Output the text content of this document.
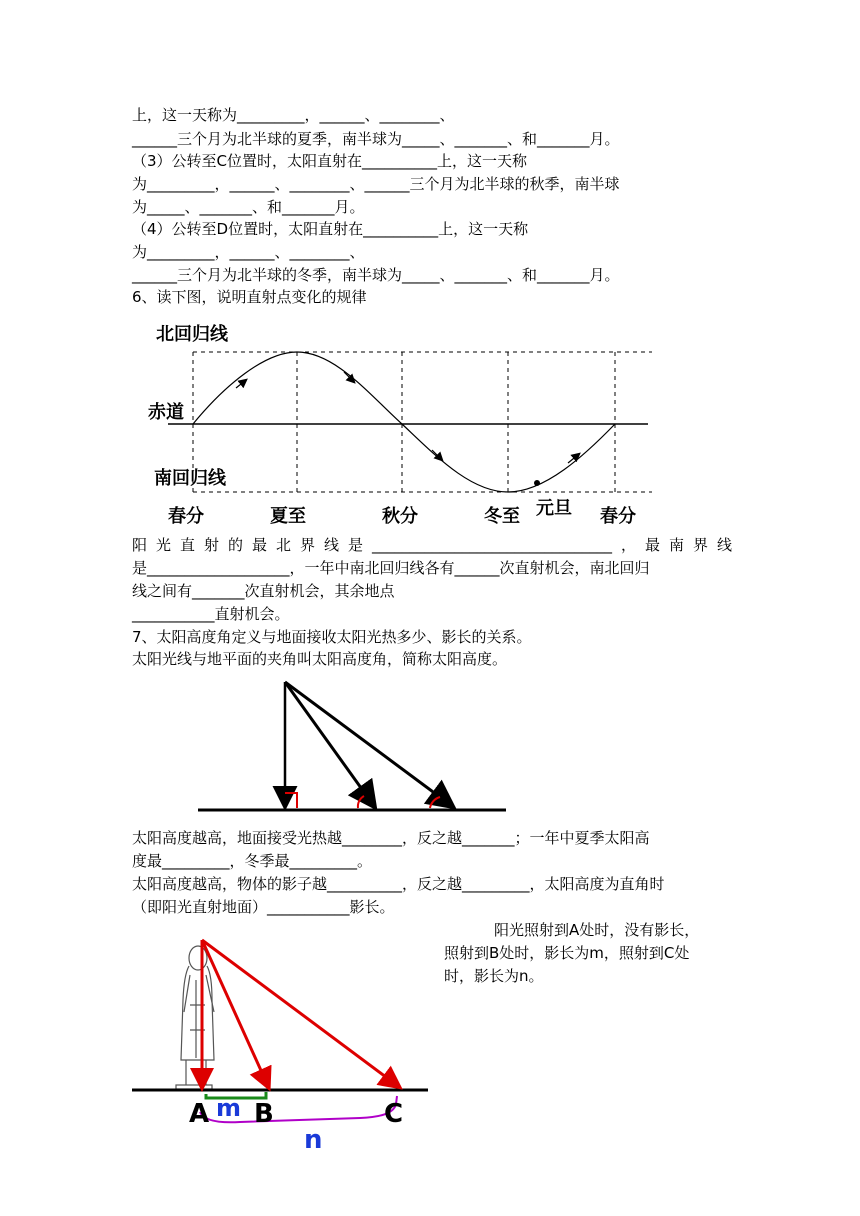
上，这一天称为_________，______、________、
______三个月为北半球的夏季，南半球为_____、_______、和_______月。
（3）公转至C位置时，太阳直射在__________上，这一天称
为_________，______、________、______三个月为北半球的秋季，南半球
为_____、_______、和_______月。
（4）公转至D位置时，太阳直射在__________上，这一天称
为_________，______、________、
______三个月为北半球的冬季，南半球为_____、_______、和_______月。
6、读下图，说明直射点变化的规律
北回归线
赤道
南回归线
元旦
春分	夏至	秋分	冬至	春分
阳光直射的最北界线是________________________________，最南界线
是___________________，一年中南北回归线各有______次直射机会，南北回归
线之间有_______次直射机会，其余地点
___________直射机会。
7、太阳高度角定义与地面接收太阳光热多少、影长的关系。
太阳光线与地平面的夹角叫太阳高度角，简称太阳高度。
太阳高度越高，地面接受光热越________，反之越_______；一年中夏季太阳高
度最_________，冬季最_________。
太阳高度越高，物体的影子越__________，反之越_________，太阳高度为直角时
（即阳光直射地面）___________影长。
阳光照射到A处时，没有影长，
照射到B处时，影长为m，照射到C处
时，影长为n。
A B	C
m
n
